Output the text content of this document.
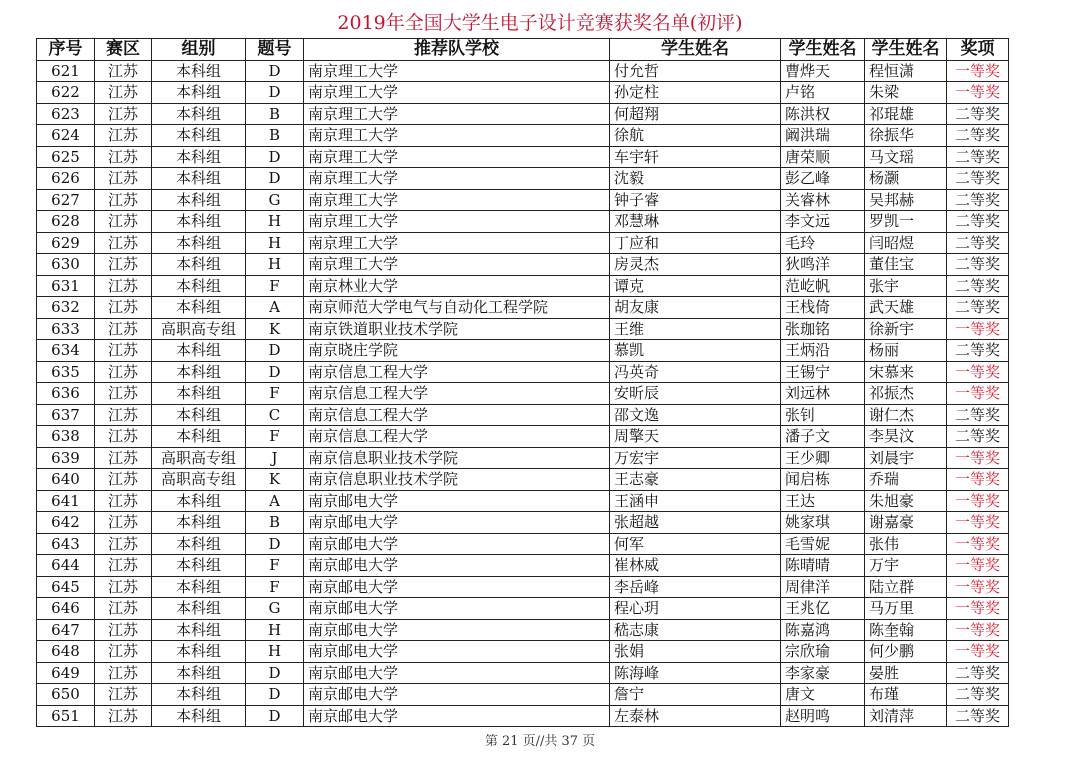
2019年全国大学生电子设计竞赛获奖名单(初评)
序号	赛区	组别	题号	推荐队学校	学生姓名	学生姓名	学生姓名	奖项
621	江苏	本科组	D	南京理工大学	付允哲	曹烨天	程恒潇	一等奖
622	江苏	本科组	D	南京理工大学	孙定柱	卢铭	朱梁	一等奖
623	江苏	本科组	B	南京理工大学	何超翔	陈洪权	祁琨雄	二等奖
624	江苏	本科组	B	南京理工大学	徐航	阚洪瑞	徐振华	二等奖
625	江苏	本科组	D	南京理工大学	车宇轩	唐荣顺	马文瑶	二等奖
626	江苏	本科组	D	南京理工大学	沈毅	彭乙峰	杨灏	二等奖
627	江苏	本科组	G	南京理工大学	钟子睿	关睿林	吴邦赫	二等奖
628	江苏	本科组	H	南京理工大学	邓慧琳	李文远	罗凯一	二等奖
629	江苏	本科组	H	南京理工大学	丁应和	毛玲	闫昭煜	二等奖
630	江苏	本科组	H	南京理工大学	房灵杰	狄鸣洋	董佳宝	二等奖
631	江苏	本科组	F	南京林业大学	谭克	范屹帆	张宇	二等奖
632	江苏	本科组	A	南京师范大学电气与自动化工程学院	胡友康	王栈倚	武天雄	二等奖
633	江苏	高职高专组	K	南京铁道职业技术学院	王维	张珈铭	徐新宇	一等奖
634	江苏	本科组	D	南京晓庄学院	慕凯	王炳沿	杨丽	二等奖
635	江苏	本科组	D	南京信息工程大学	冯英奇	王锡宁	宋慕来	一等奖
636	江苏	本科组	F	南京信息工程大学	安昕辰	刘远林	祁振杰	一等奖
637	江苏	本科组	C	南京信息工程大学	邵文逸	张钊	谢仁杰	二等奖
638	江苏	本科组	F	南京信息工程大学	周擎天	潘子文	李昊汶	二等奖
639	江苏	高职高专组	J	南京信息职业技术学院	万宏宇	王少卿	刘晨宇	一等奖
640	江苏	高职高专组	K	南京信息职业技术学院	王志豪	闻启栋	乔瑞	一等奖
641	江苏	本科组	A	南京邮电大学	王涵申	王达	朱旭豪	一等奖
642	江苏	本科组	B	南京邮电大学	张超越	姚家琪	谢嘉豪	一等奖
643	江苏	本科组	D	南京邮电大学	何军	毛雪妮	张伟	一等奖
644	江苏	本科组	F	南京邮电大学	崔林威	陈晴晴	万宇	一等奖
645	江苏	本科组	F	南京邮电大学	李岳峰	周律洋	陆立群	一等奖
646	江苏	本科组	G	南京邮电大学	程心玥	王兆亿	马万里	一等奖
647	江苏	本科组	H	南京邮电大学	嵇志康	陈嘉鸿	陈奎翰	一等奖
648	江苏	本科组	H	南京邮电大学	张娟	宗欣瑜	何少鹏	一等奖
649	江苏	本科组	D	南京邮电大学	陈海峰	李家豪	晏胜	二等奖
650	江苏	本科组	D	南京邮电大学	詹宁	唐文	布瑾	二等奖
651	江苏	本科组	D	南京邮电大学	左泰林	赵明鸣	刘清萍	二等奖
第 21 页//共 37 页
